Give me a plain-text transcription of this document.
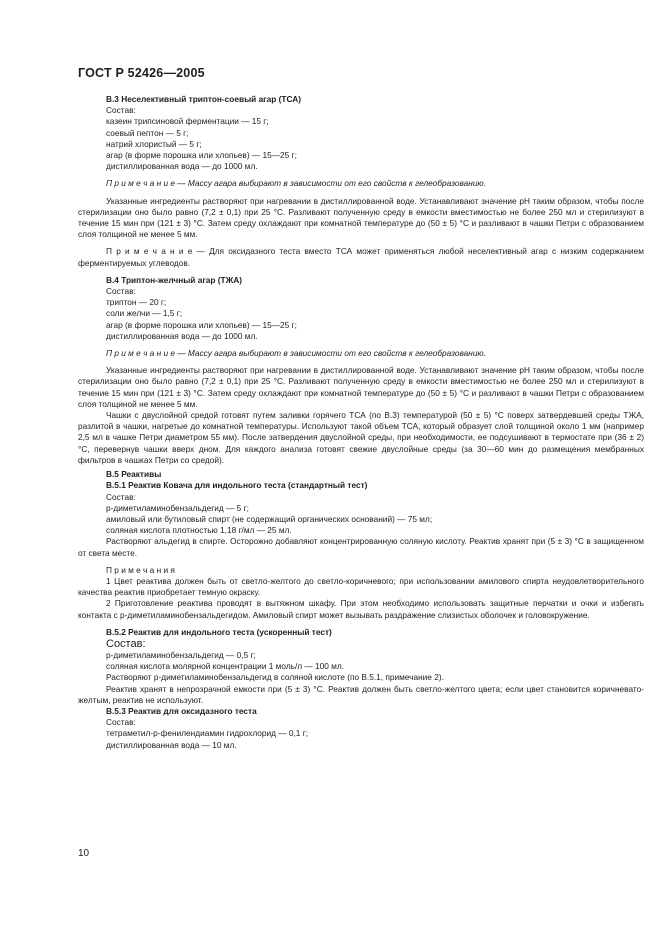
ГОСТ Р 52426—2005

B.3 Неселективный триптон-соевый агар (ТСА)

Состав:

казеин трипсиновой ферментации — 15 г;

соевый пептон — 5 г;

натрий хлористый — 5 г;

агар (в форме порошка или хлопьев) — 15—25 г;

дистиллированная вода — до 1000 мл.

П р и м е ч а н и е — Массу агара выбирают в зависимости от его свойств к гелеобразованию.

Указанные ингредиенты растворяют при нагревании в дистиллированной воде. Устанавливают значение pH таким образом, чтобы после стерилизации оно было равно (7,2 ± 0,1) при 25 °C. Разливают полученную среду в емкости вместимостью не более 250 мл и стерилизуют в течение 15 мин при (121 ± 3) °C. Затем среду охлаждают при комнатной температуре до (50 ± 5) °C и разливают в чашки Петри с образованием слоя толщиной не менее 5 мм.

П р и м е ч а н и е — Для оксидазного теста вместо ТСА может применяться любой неселективный агар с низким содержанием ферментируемых углеводов.

B.4 Триптон-желчный агар (ТЖА)

Состав:

триптон — 20 г;

соли желчи — 1,5 г;

агар (в форме порошка или хлопьев) — 15—25 г;

дистиллированная вода — до 1000 мл.

П р и м е ч а н и е — Массу агара выбирают в зависимости от его свойств к гелеобразованию.

Указанные ингредиенты растворяют при нагревании в дистиллированной воде. Устанавливают значение pH таким образом, чтобы после стерилизации оно было равно (7,2 ± 0,1) при 25 °C. Разливают полученную среду в емкости вместимостью не более 250 мл и стерилизуют в течение 15 мин при (121 ± 3) °C. Затем среду охлаждают при комнатной температуре до (50 ± 5) °C и разливают в чашки Петри с образованием слоя толщиной не менее 5 мм.

Чашки с двуслойной средой готовят путем заливки горячего ТСА (по В.3) температурой (50 ± 5) °C поверх затвердевшей среды ТЖА, разлитой в чашки, нагретые до комнатной температуры. Используют такой объем ТСА, который образует слой толщиной около 1 мм (например 2,5 мл в чашке Петри диаметром 55 мм). После затвердения двуслойной среды, при необходимости, ее подсушивают в термостате при (36 ± 2) °C, перевернув чашки вверх дном. Для каждого анализа готовят свежие двуслойные среды (за 30—60 мин до размещения мембранных фильтров в чашках Петри со средой).

B.5 Реактивы

B.5.1 Реактив Ковача для индольного теста (стандартный тест)

Состав:

р-диметиламинобензальдегид — 5 г;

амиловый или бутиловый спирт (не содержащий органических оснований) — 75 мл;

соляная кислота плотностью 1,18 г/мл — 25 мл.

Растворяют альдегид в спирте. Осторожно добавляют концентрированную соляную кислоту. Реактив хранят при (5 ± 3) °C в защищенном от света месте.

П р и м е ч а н и я

1 Цвет реактива должен быть от светло-желтого до светло-коричневого; при использовании амилового спирта неудовлетворительного качества реактив приобретает темную окраску.

2 Приготовление реактива проводят в вытяжном шкафу. При этом необходимо использовать защитные перчатки и очки и избегать контакта с р-диметиламинобензальдегидом. Амиловый спирт может вызывать раздражение слизистых оболочек и головокружение.

B.5.2 Реактив для индольного теста (ускоренный тест)

Состав:

р-диметиламинобензальдегид — 0,5 г;

соляная кислота молярной концентрации 1 моль/л — 100 мл.

Растворяют р-диметиламинобензальдегид в соляной кислоте (по В.5.1, примечание 2).

Реактив хранят в непрозрачной емкости при (5 ± 3) °C. Реактив должен быть светло-желтого цвета; если цвет становится коричневато-желтым, реактив не используют.

B.5.3 Реактив для оксидазного теста

Состав:

тетраметил-р-фенилендиамин гидрохлорид — 0,1 г;

дистиллированная вода — 10 мл.

10
